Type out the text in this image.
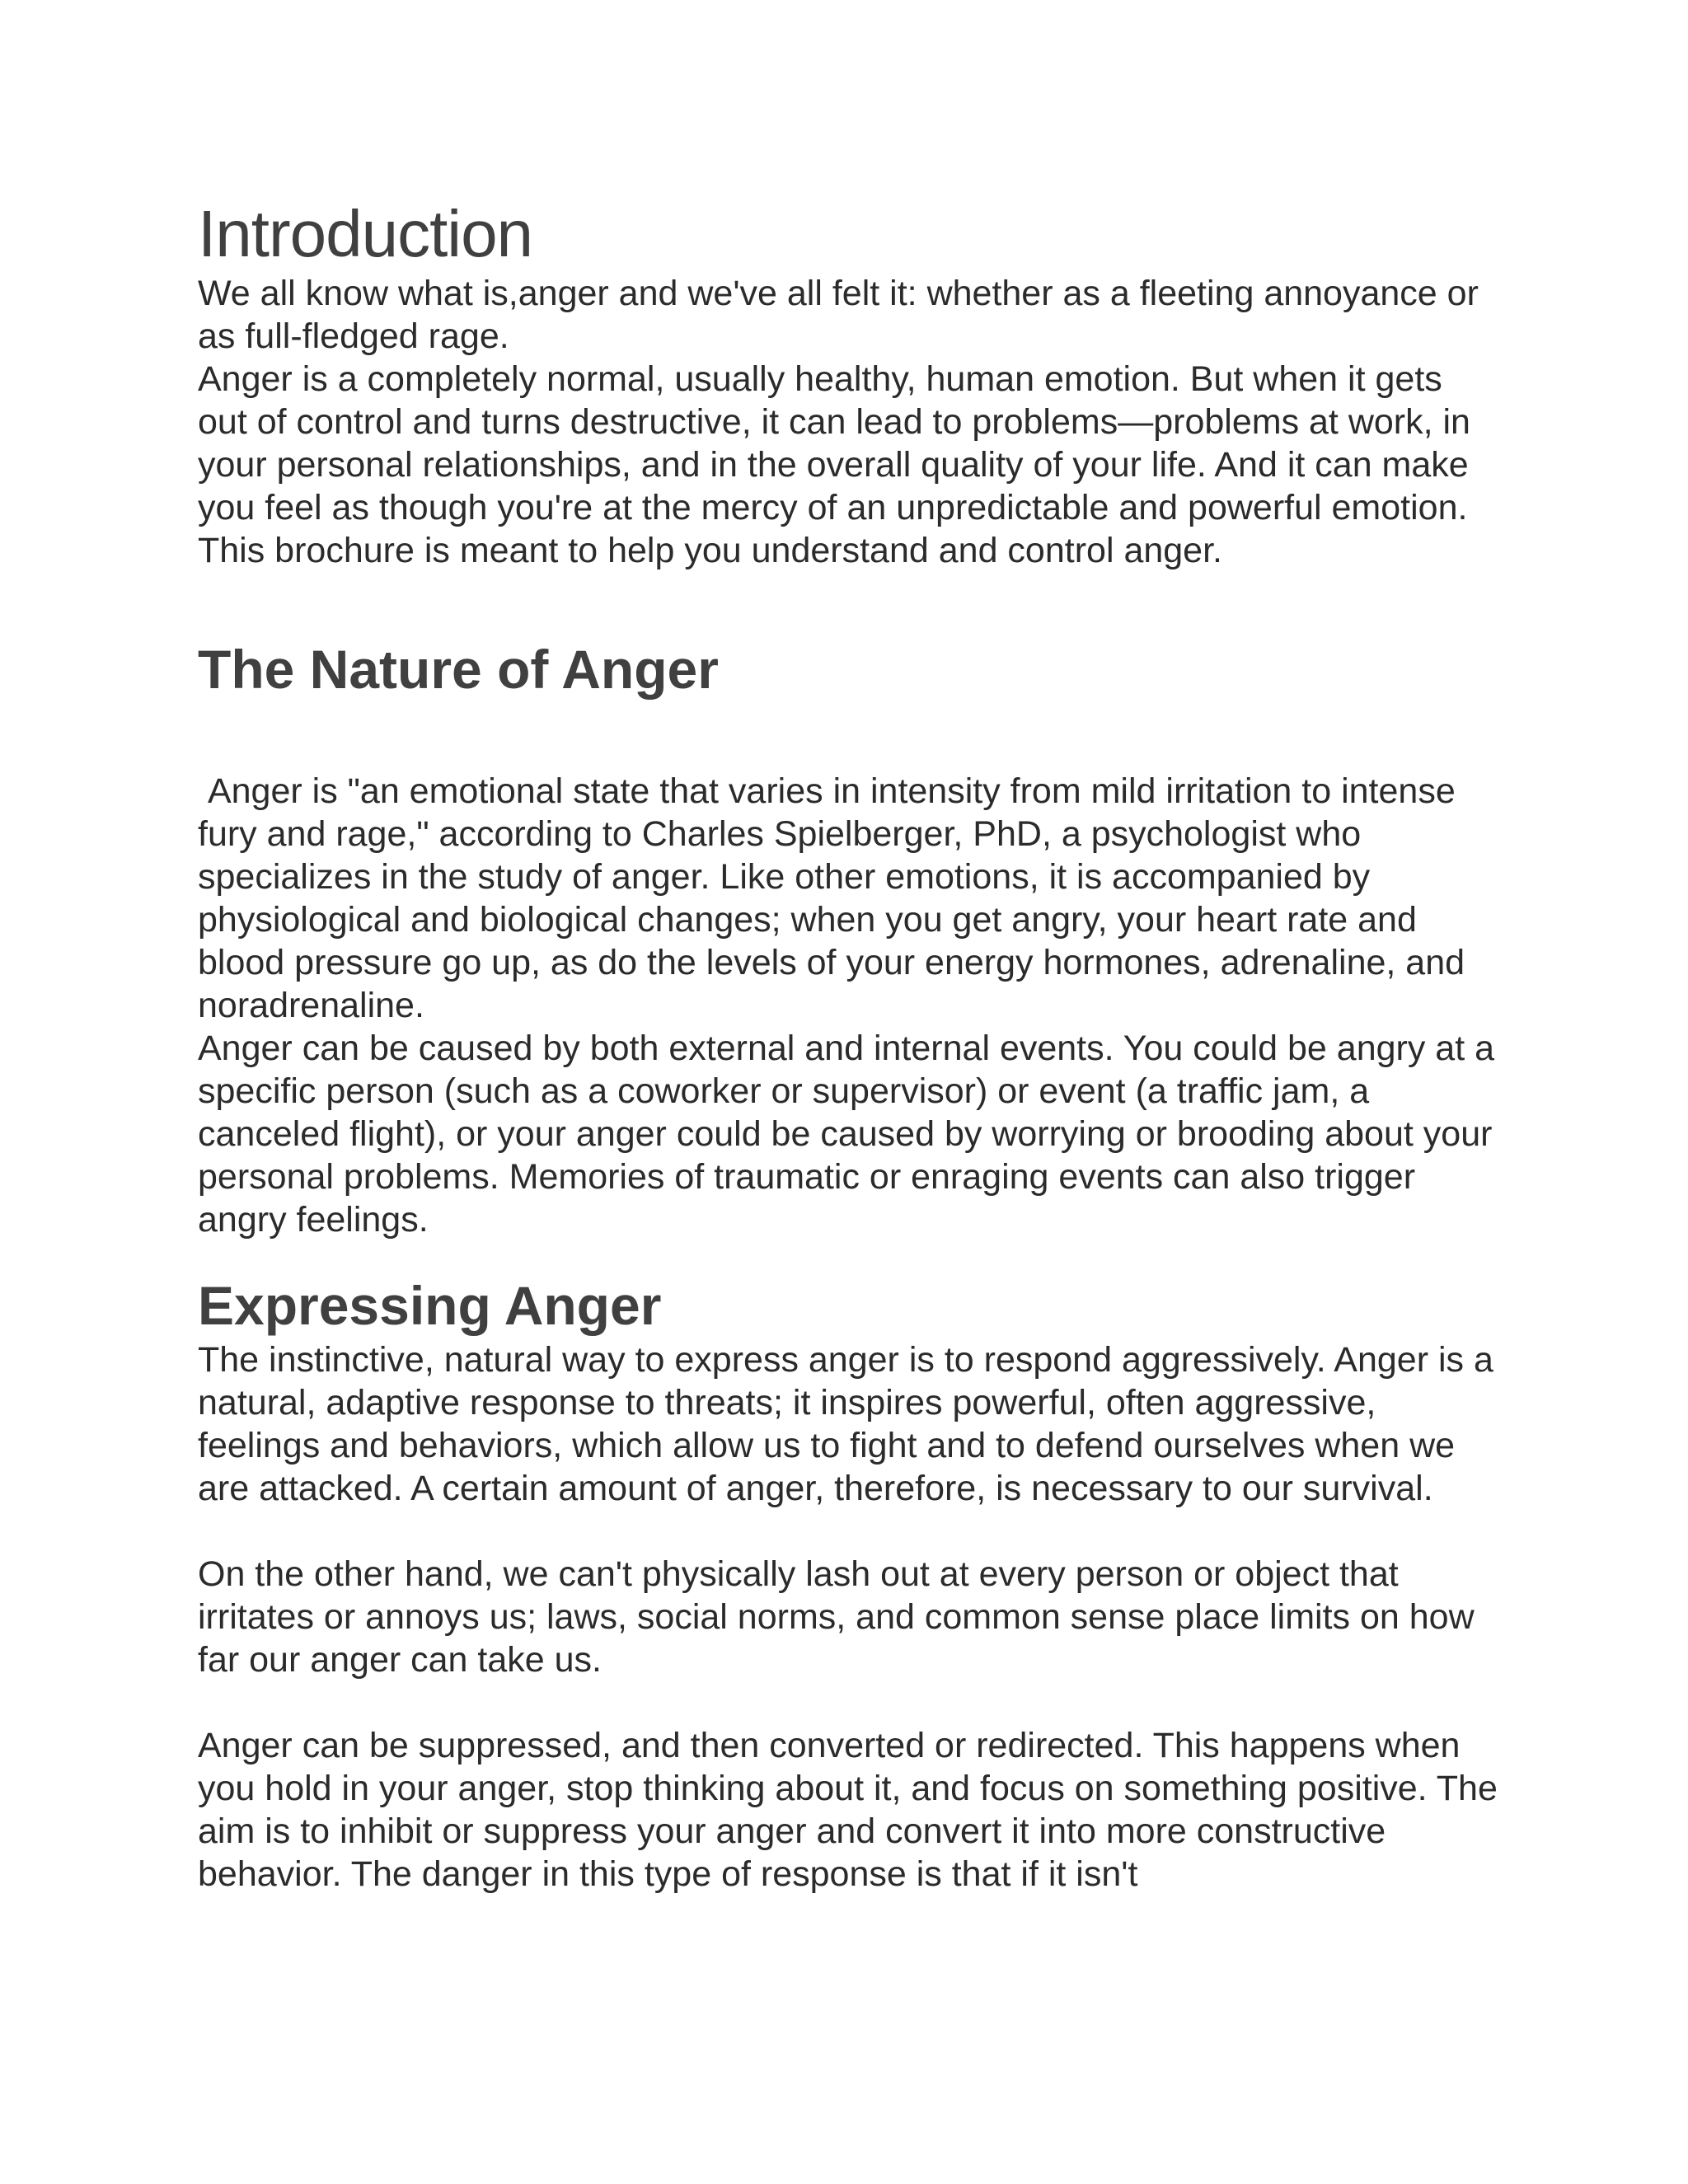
Introduction

We all know what is,anger and we've all felt it: whether as a fleeting annoyance or as full-fledged rage.

Anger is a completely normal, usually healthy, human emotion. But when it gets out of control and turns destructive, it can lead to problems—problems at work, in your personal relationships, and in the overall quality of your life. And it can make you feel as though you're at the mercy of an unpredictable and powerful emotion. This brochure is meant to help you understand and control anger.

The Nature of Anger

Anger is "an emotional state that varies in intensity from mild irritation to intense fury and rage," according to Charles Spielberger, PhD, a psychologist who specializes in the study of anger. Like other emotions, it is accompanied by physiological and biological changes; when you get angry, your heart rate and blood pressure go up, as do the levels of your energy hormones, adrenaline, and noradrenaline.

Anger can be caused by both external and internal events. You could be angry at a specific person (such as a coworker or supervisor) or event (a traffic jam, a canceled flight), or your anger could be caused by worrying or brooding about your personal problems. Memories of traumatic or enraging events can also trigger angry feelings.

Expressing Anger

The instinctive, natural way to express anger is to respond aggressively. Anger is a natural, adaptive response to threats; it inspires powerful, often aggressive, feelings and behaviors, which allow us to fight and to defend ourselves when we are attacked. A certain amount of anger, therefore, is necessary to our survival.

On the other hand, we can't physically lash out at every person or object that irritates or annoys us; laws, social norms, and common sense place limits on how far our anger can take us.

Anger can be suppressed, and then converted or redirected. This happens when you hold in your anger, stop thinking about it, and focus on something positive. The aim is to inhibit or suppress your anger and convert it into more constructive behavior. The danger in this type of response is that if it isn't
